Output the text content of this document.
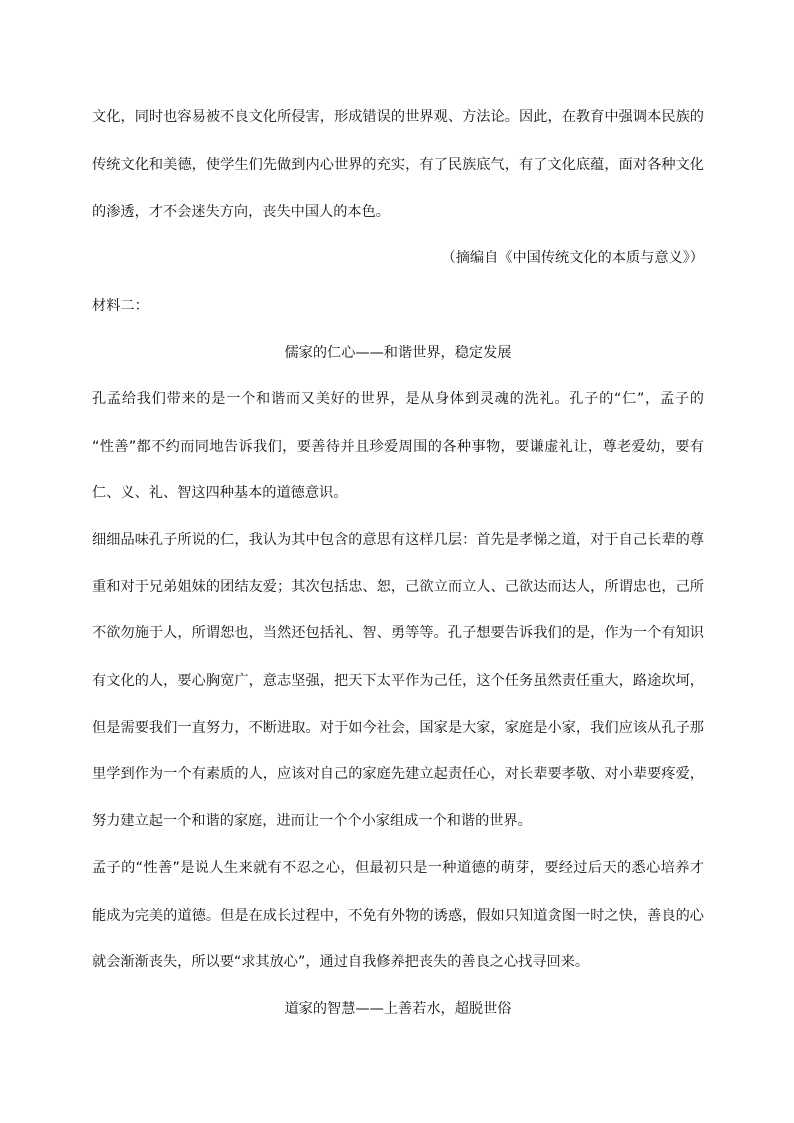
文化，同时也容易被不良文化所侵害，形成错误的世界观、方法论。因此，在教育中强调本民族的
传统文化和美德，使学生们先做到内心世界的充实，有了民族底气，有了文化底蕴，面对各种文化
的渗透，才不会迷失方向，丧失中国人的本色。
（摘编自《中国传统文化的本质与意义》）
材料二：
儒家的仁心——和谐世界，稳定发展
孔孟给我们带来的是一个和谐而又美好的世界，是从身体到灵魂的洗礼。孔子的“仁”，孟子的
“性善”都不约而同地告诉我们，要善待并且珍爱周围的各种事物，要谦虚礼让，尊老爱幼，要有
仁、义、礼、智这四种基本的道德意识。
细细品味孔子所说的仁，我认为其中包含的意思有这样几层：首先是孝悌之道，对于自己长辈的尊
重和对于兄弟姐妹的团结友爱；其次包括忠、恕，己欲立而立人、己欲达而达人，所谓忠也，己所
不欲勿施于人，所谓恕也，当然还包括礼、智、勇等等。孔子想要告诉我们的是，作为一个有知识
有文化的人，要心胸宽广，意志坚强，把天下太平作为己任，这个任务虽然责任重大，路途坎坷，
但是需要我们一直努力，不断进取。对于如今社会，国家是大家，家庭是小家，我们应该从孔子那
里学到作为一个有素质的人，应该对自己的家庭先建立起责任心，对长辈要孝敬、对小辈要疼爱，
努力建立起一个和谐的家庭，进而让一个个小家组成一个和谐的世界。
孟子的“性善”是说人生来就有不忍之心，但最初只是一种道德的萌芽，要经过后天的悉心培养才
能成为完美的道德。但是在成长过程中，不免有外物的诱惑，假如只知道贪图一时之快，善良的心
就会渐渐丧失，所以要“求其放心”，通过自我修养把丧失的善良之心找寻回来。
道家的智慧——上善若水，超脱世俗
